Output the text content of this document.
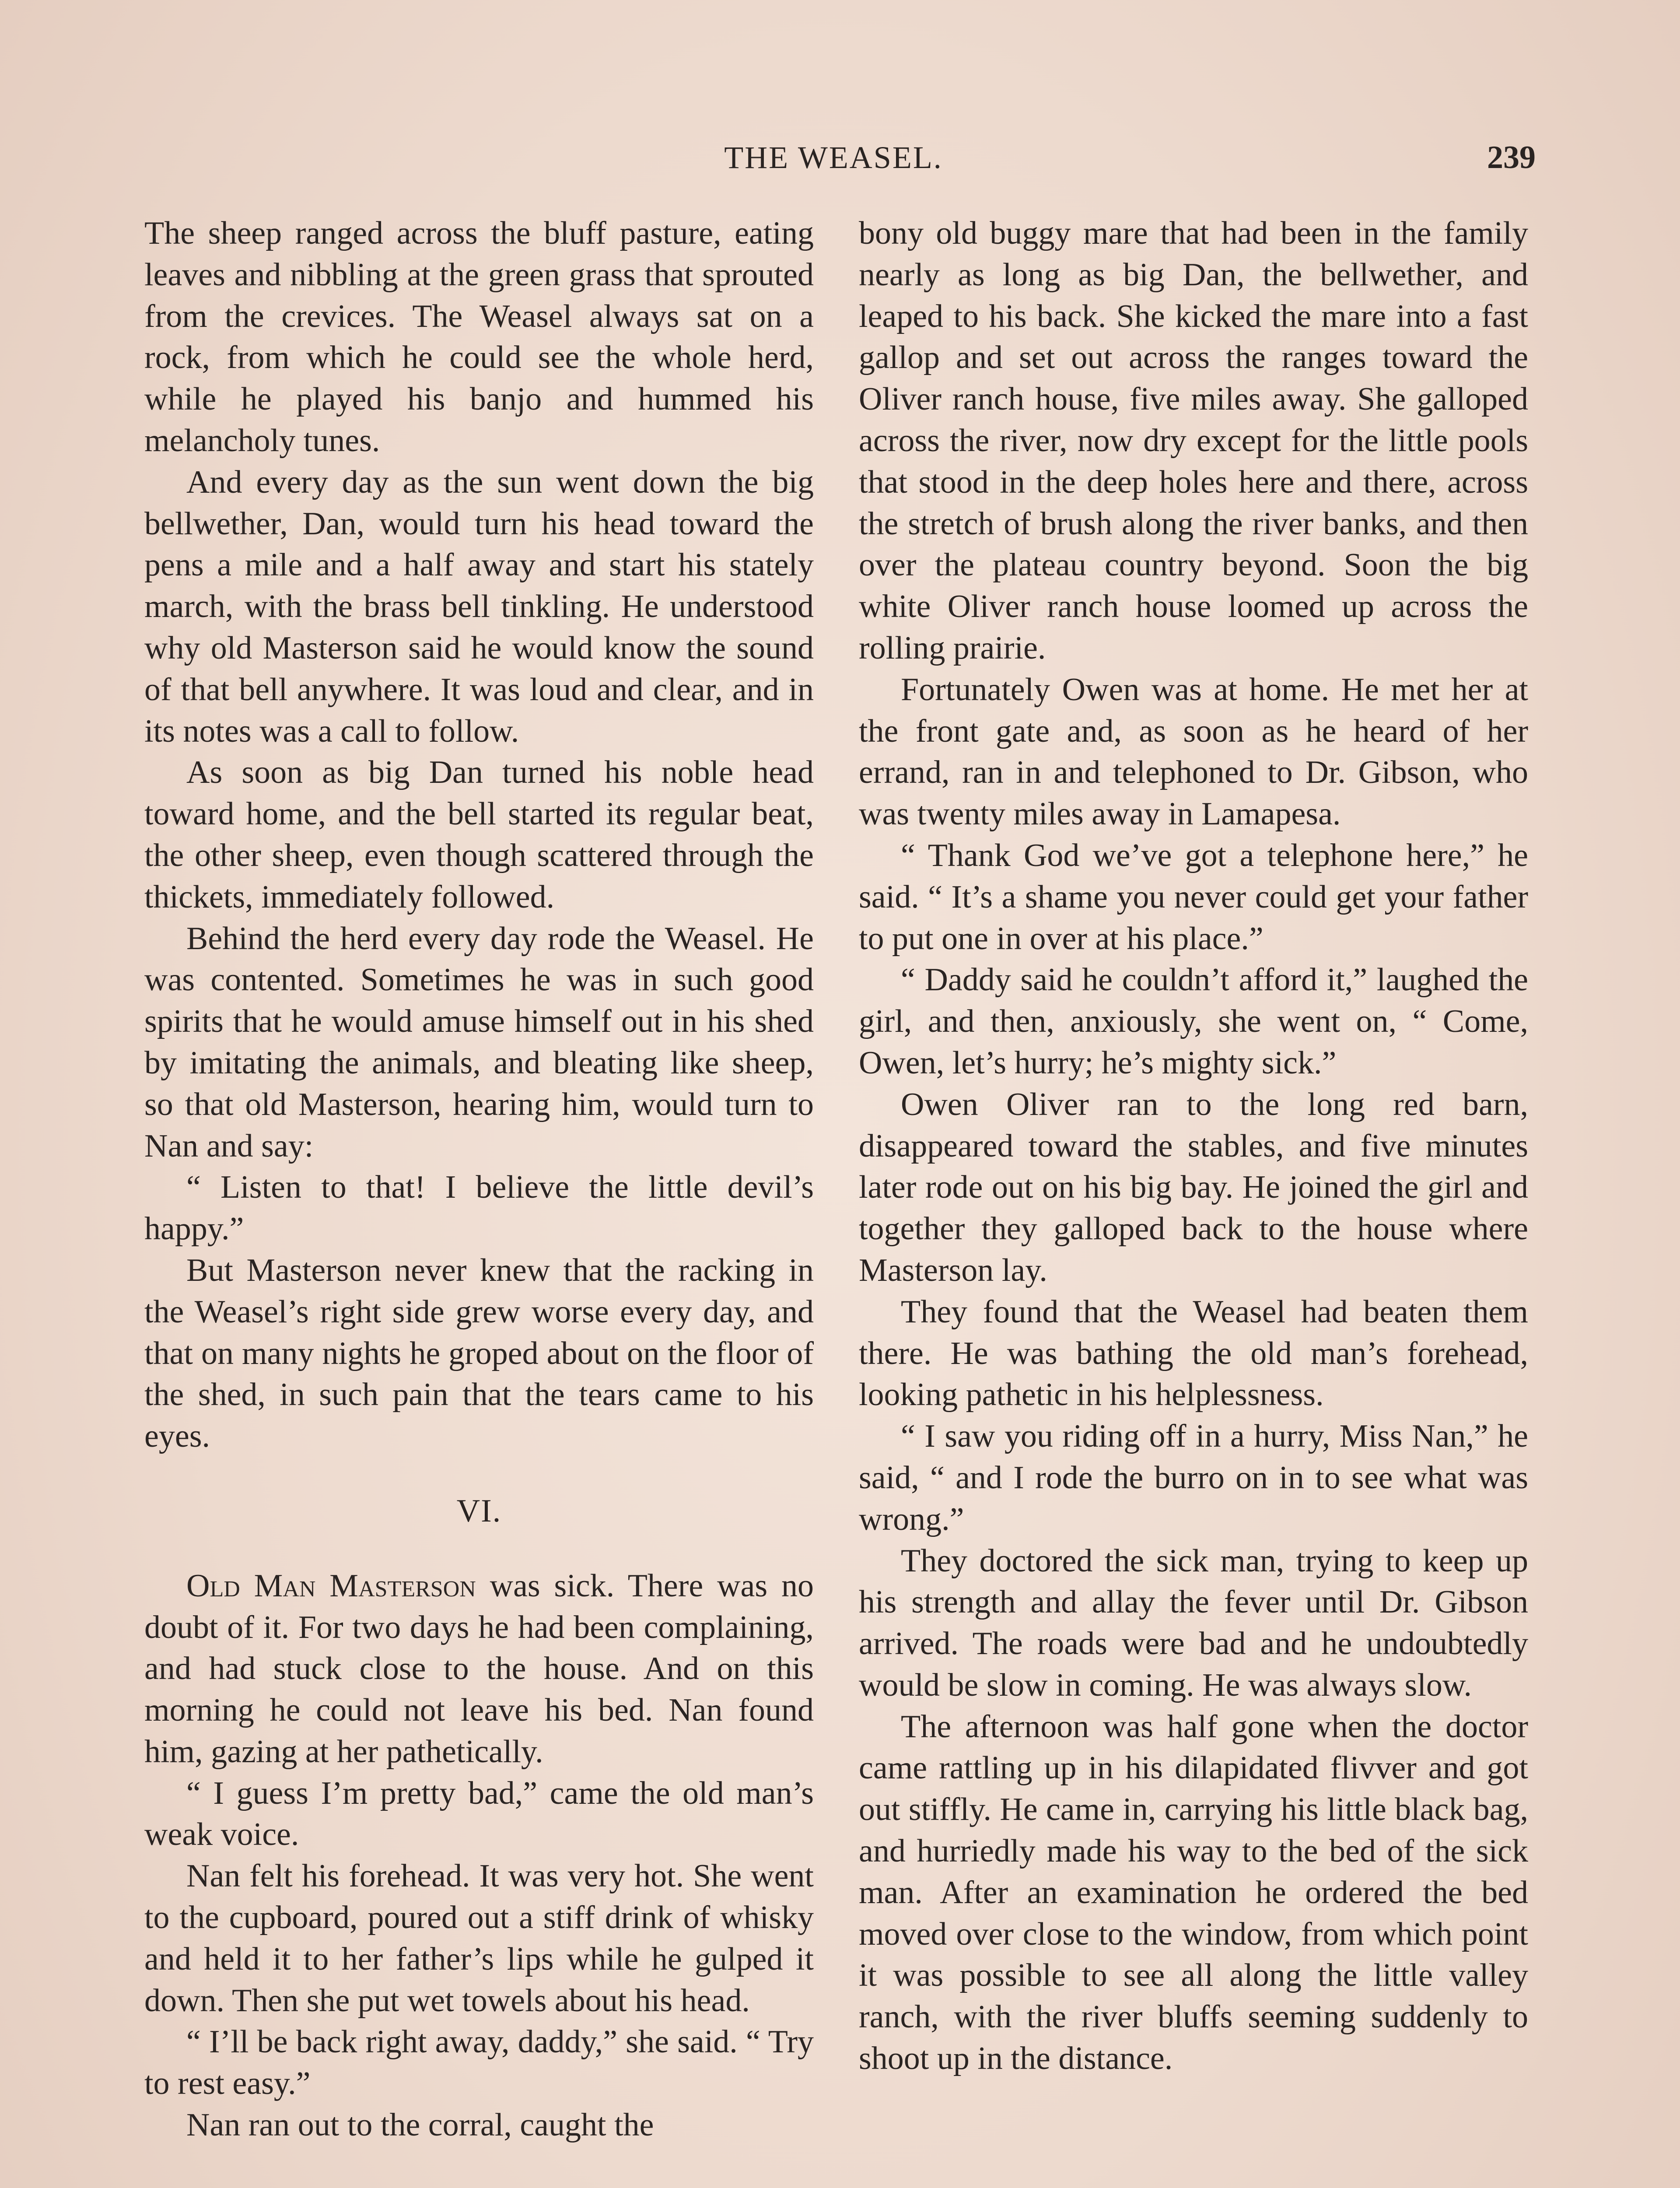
THE WEASEL.	239

The sheep ranged across the bluff pasture, eating leaves and nibbling at the green grass that sprouted from the crevices. The Weasel always sat on a rock, from which he could see the whole herd, while he played his banjo and hummed his melancholy tunes.

And every day as the sun went down the big bellwether, Dan, would turn his head toward the pens a mile and a half away and start his stately march, with the brass bell tinkling. He understood why old Masterson said he would know the sound of that bell anywhere. It was loud and clear, and in its notes was a call to follow.

As soon as big Dan turned his noble head toward home, and the bell started its regular beat, the other sheep, even though scattered through the thickets, immediately followed.

Behind the herd every day rode the Weasel. He was contented. Sometimes he was in such good spirits that he would amuse himself out in his shed by imitating the animals, and bleating like sheep, so that old Masterson, hearing him, would turn to Nan and say:

“ Listen to that! I believe the little devil’s happy.”

But Masterson never knew that the racking in the Weasel’s right side grew worse every day, and that on many nights he groped about on the floor of the shed, in such pain that the tears came to his eyes.

VI.

Old Man Masterson was sick. There was no doubt of it. For two days he had been complaining, and had stuck close to the house. And on this morning he could not leave his bed. Nan found him, gazing at her pathetically.

“ I guess I’m pretty bad,” came the old man’s weak voice.

Nan felt his forehead. It was very hot. She went to the cupboard, poured out a stiff drink of whisky and held it to her father’s lips while he gulped it down. Then she put wet towels about his head.

“ I’ll be back right away, daddy,” she said. “ Try to rest easy.”

Nan ran out to the corral, caught the

bony old buggy mare that had been in the family nearly as long as big Dan, the bellwether, and leaped to his back. She kicked the mare into a fast gallop and set out across the ranges toward the Oliver ranch house, five miles away. She galloped across the river, now dry except for the little pools that stood in the deep holes here and there, across the stretch of brush along the river banks, and then over the plateau country beyond. Soon the big white Oliver ranch house loomed up across the rolling prairie.

Fortunately Owen was at home. He met her at the front gate and, as soon as he heard of her errand, ran in and telephoned to Dr. Gibson, who was twenty miles away in Lamapesa.

“ Thank God we’ve got a telephone here,” he said. “ It’s a shame you never could get your father to put one in over at his place.”

“ Daddy said he couldn’t afford it,” laughed the girl, and then, anxiously, she went on, “ Come, Owen, let’s hurry; he’s mighty sick.”

Owen Oliver ran to the long red barn, disappeared toward the stables, and five minutes later rode out on his big bay. He joined the girl and together they galloped back to the house where Masterson lay.

They found that the Weasel had beaten them there. He was bathing the old man’s forehead, looking pathetic in his helplessness.

“ I saw you riding off in a hurry, Miss Nan,” he said, “ and I rode the burro on in to see what was wrong.”

They doctored the sick man, trying to keep up his strength and allay the fever until Dr. Gibson arrived. The roads were bad and he undoubtedly would be slow in coming. He was always slow.

The afternoon was half gone when the doctor came rattling up in his dilapidated flivver and got out stiffly. He came in, carrying his little black bag, and hurriedly made his way to the bed of the sick man. After an examination he ordered the bed moved over close to the window, from which point it was possible to see all along the little valley ranch, with the river bluffs seeming suddenly to shoot up in the distance.
